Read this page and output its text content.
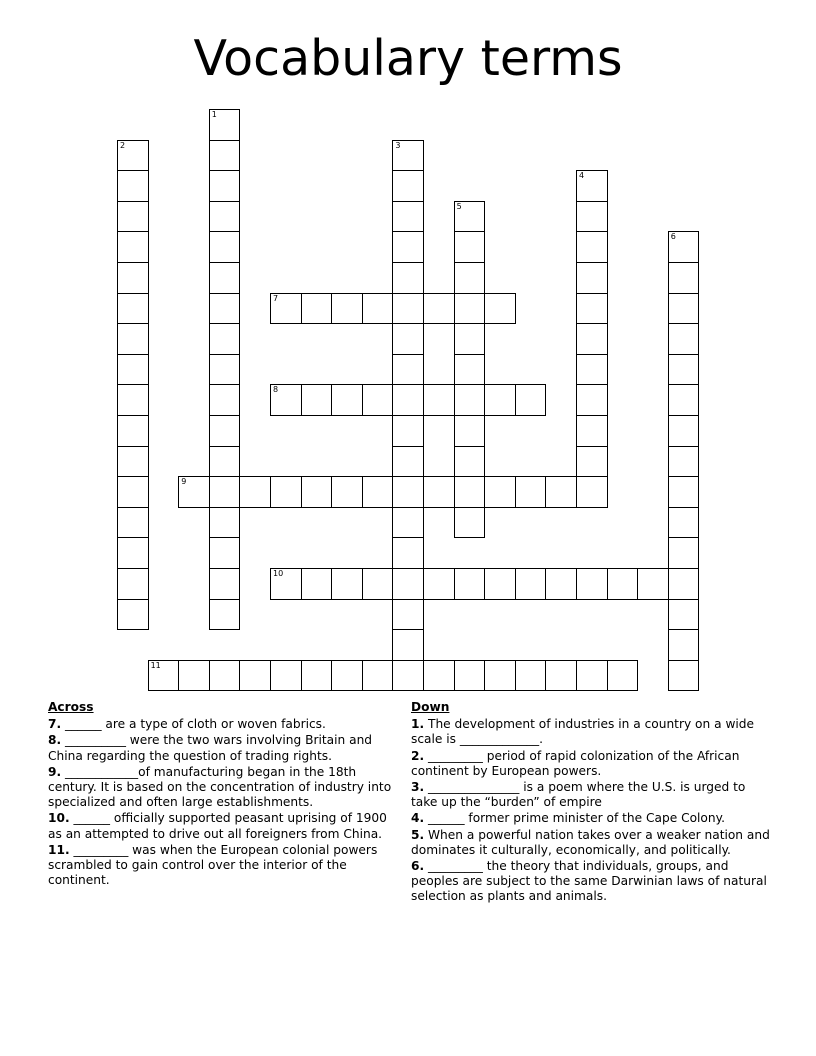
Vocabulary terms
1
2	3
4
5
6
7
8
9
10
11
Across
7. ______ are a type of cloth or woven fabrics.
8. __________ were the two wars involving Britain and China regarding the question of trading rights.
9. ____________of manufacturing began in the 18th century. It is based on the concentration of industry into specialized and often large establishments.
10. ______ officially supported peasant uprising of 1900 as an attempted to drive out all foreigners from China.
11. _________ was when the European colonial powers scrambled to gain control over the interior of the continent.
Down
1. The development of industries in a country on a wide scale is _____________.
2. _________ period of rapid colonization of the African continent by European powers.
3. _______________ is a poem where the U.S. is urged to take up the “burden” of empire
4. ______ former prime minister of the Cape Colony.
5. When a powerful nation takes over a weaker nation and dominates it culturally, economically, and politically.
6. _________ the theory that individuals, groups, and peoples are subject to the same Darwinian laws of natural selection as plants and animals.
